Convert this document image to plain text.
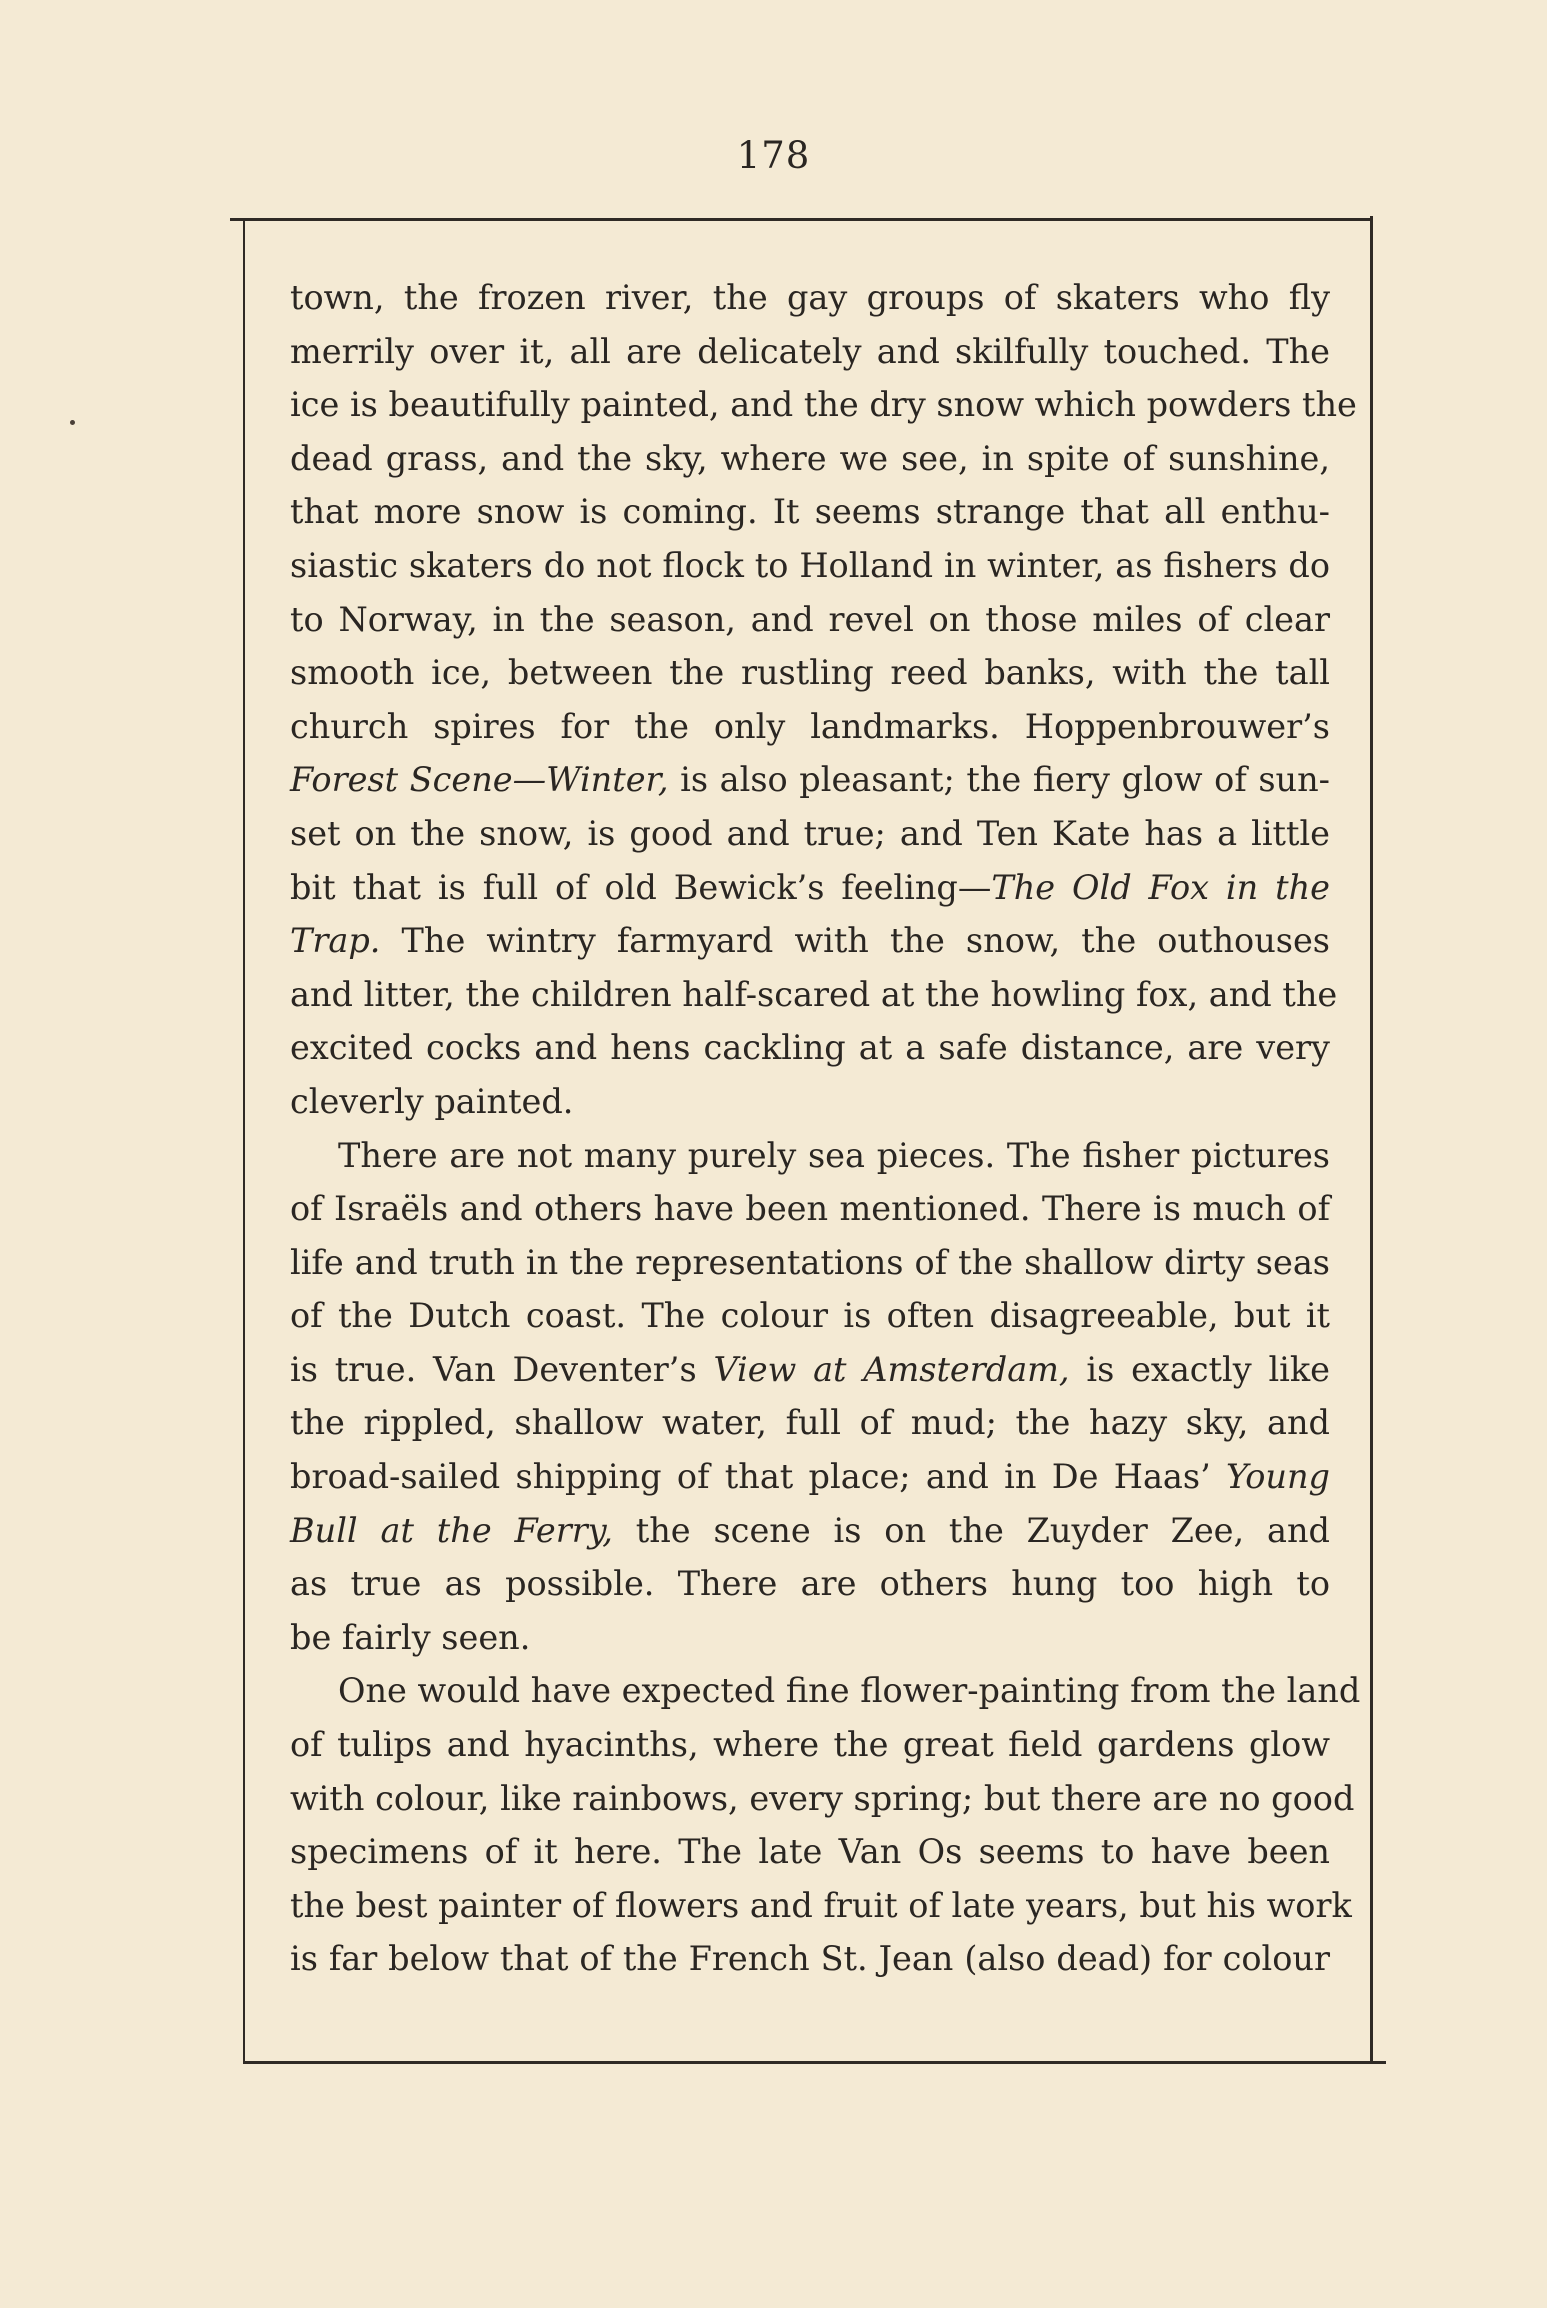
178
town, the frozen river, the gay groups of skaters who fly
merrily over it, all are delicately and skilfully touched. The
ice is beautifully painted, and the dry snow which powders the
dead grass, and the sky, where we see, in spite of sunshine,
that more snow is coming. It seems strange that all enthu-
siastic skaters do not flock to Holland in winter, as fishers do
to Norway, in the season, and revel on those miles of clear
smooth ice, between the rustling reed banks, with the tall
church spires for the only landmarks. Hoppenbrouwer’s
Forest Scene—Winter, is also pleasant; the fiery glow of sun-
set on the snow, is good and true; and Ten Kate has a little
bit that is full of old Bewick’s feeling—The Old Fox in the
Trap. The wintry farmyard with the snow, the outhouses
and litter, the children half-scared at the howling fox, and the
excited cocks and hens cackling at a safe distance, are very
cleverly painted.
There are not many purely sea pieces. The fisher pictures
of Israëls and others have been mentioned. There is much of
life and truth in the representations of the shallow dirty seas
of the Dutch coast. The colour is often disagreeable, but it
is true. Van Deventer’s View at Amsterdam, is exactly like
the rippled, shallow water, full of mud; the hazy sky, and
broad-sailed shipping of that place; and in De Haas’ Young
Bull at the Ferry, the scene is on the Zuyder Zee, and
as true as possible. There are others hung too high to
be fairly seen.
One would have expected fine flower-painting from the land
of tulips and hyacinths, where the great field gardens glow
with colour, like rainbows, every spring; but there are no good
specimens of it here. The late Van Os seems to have been
the best painter of flowers and fruit of late years, but his work
is far below that of the French St. Jean (also dead) for colour
